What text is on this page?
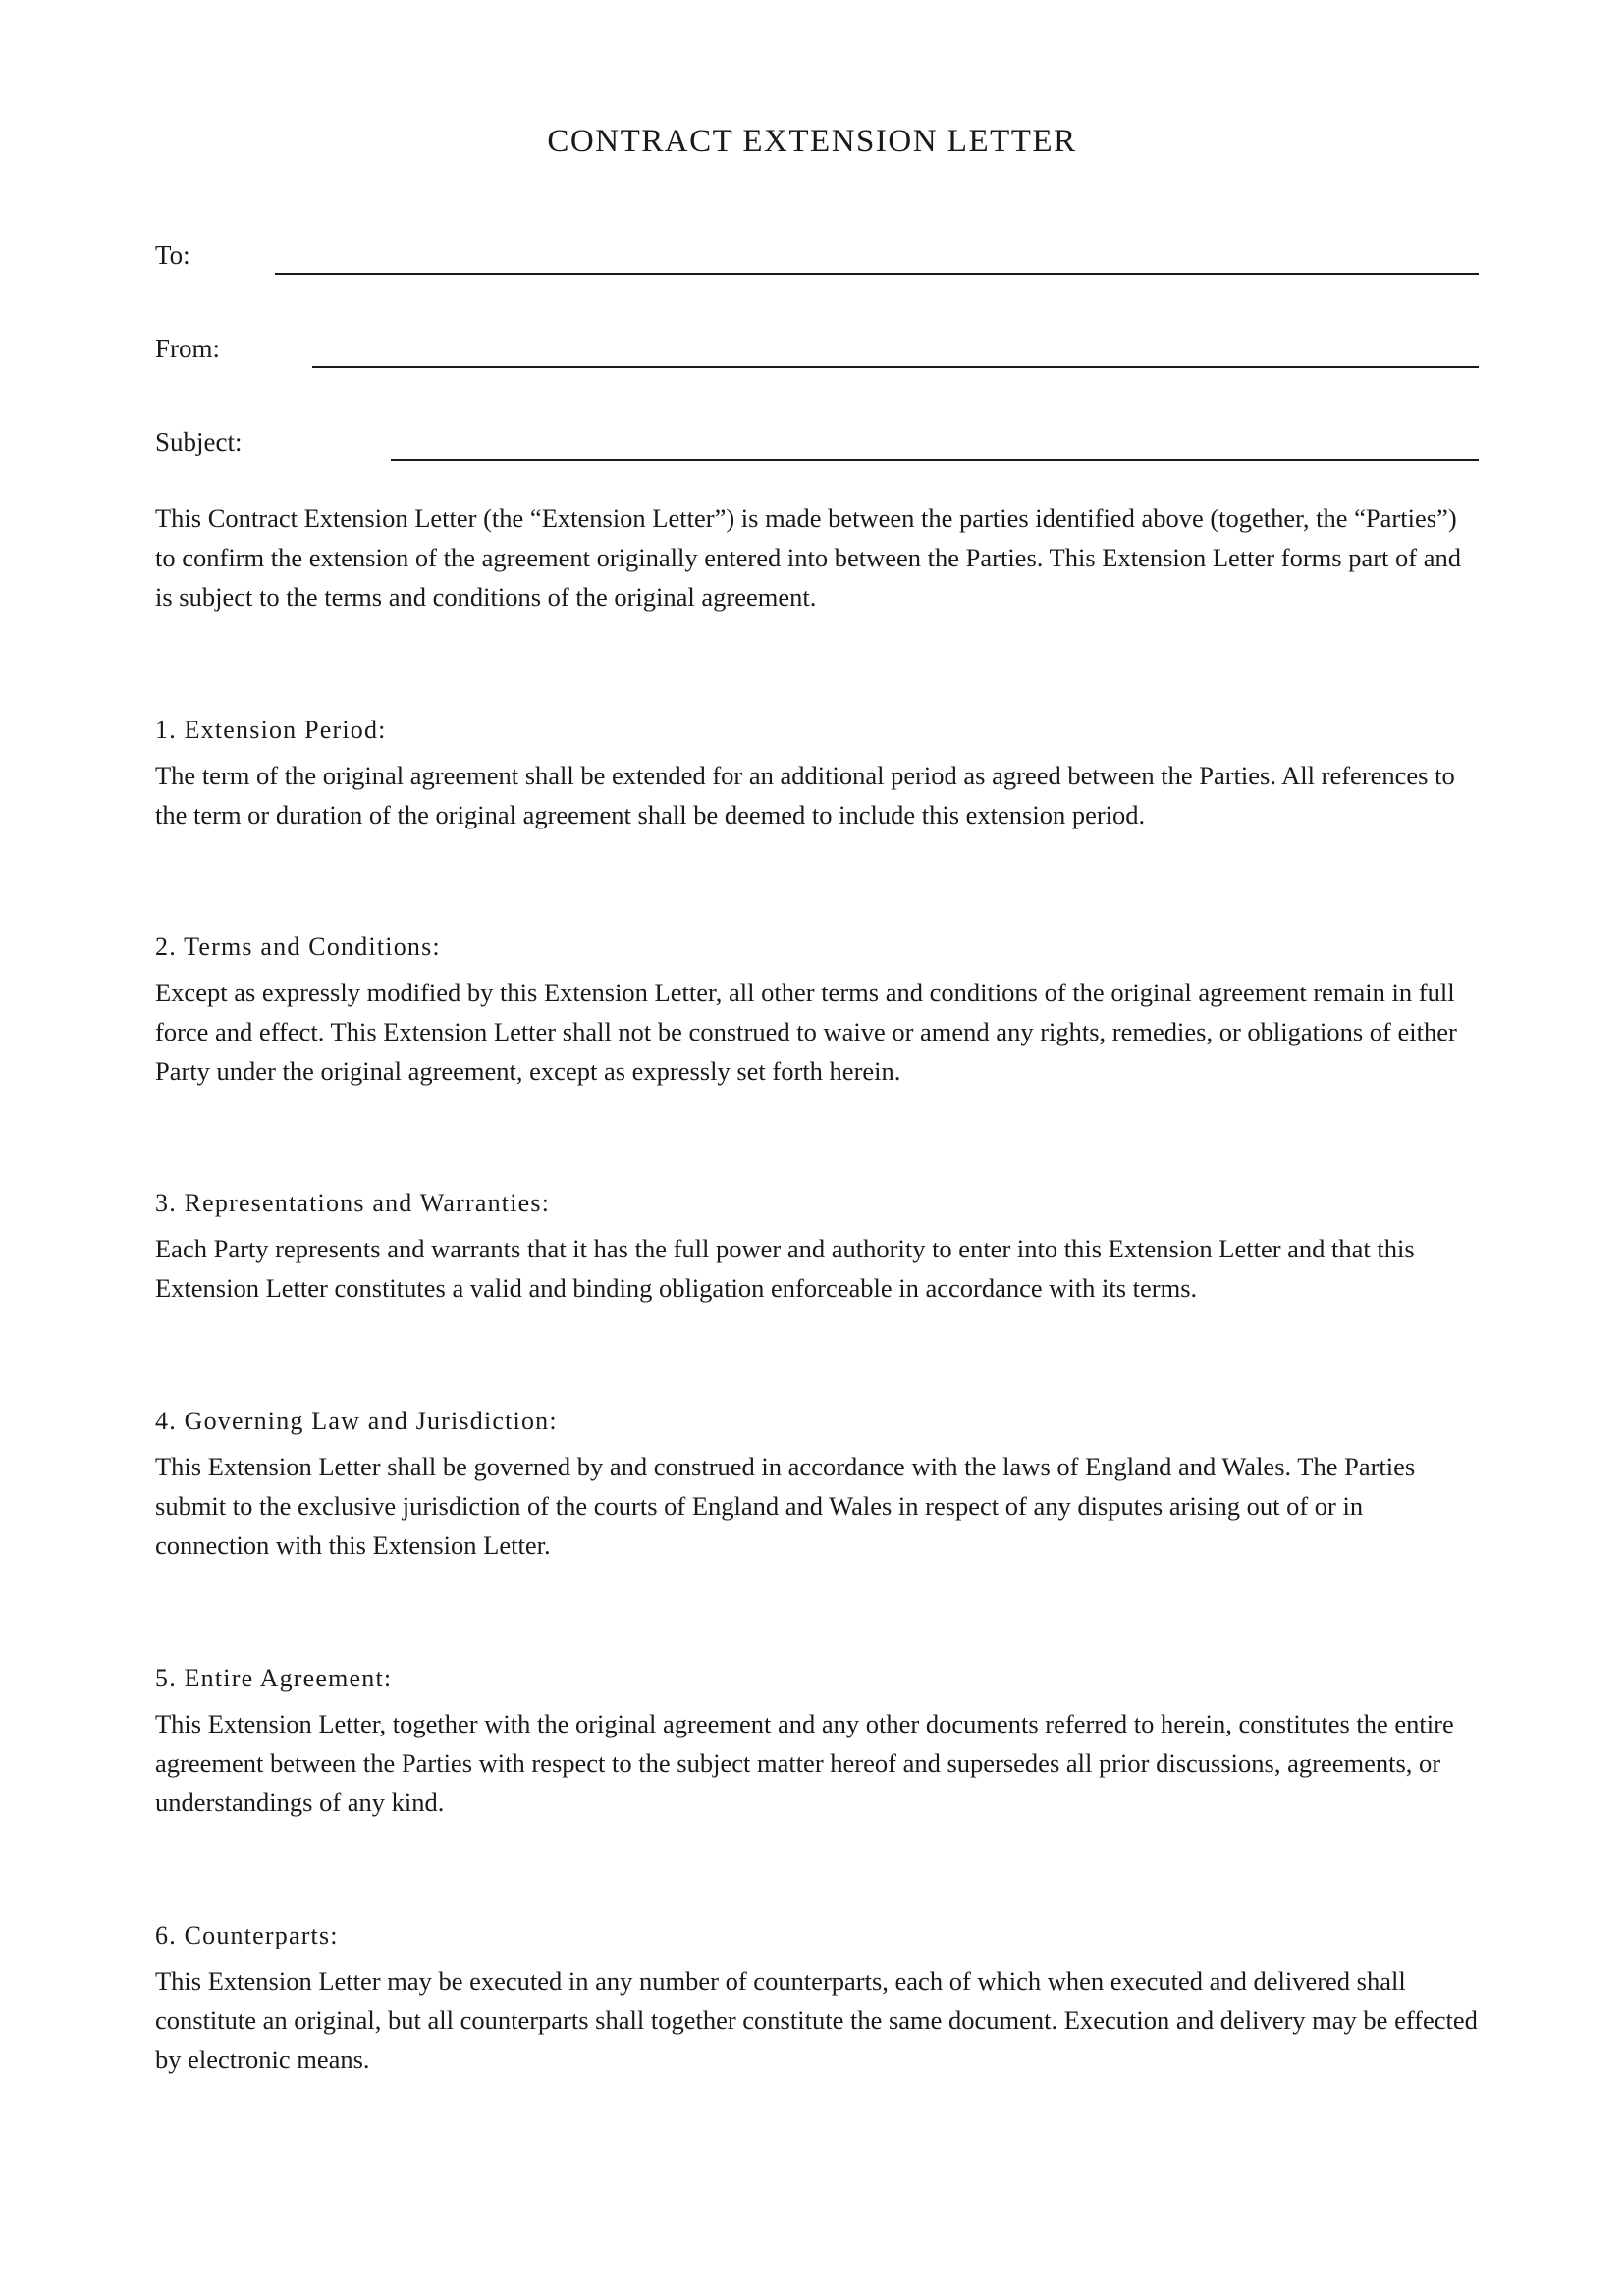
CONTRACT EXTENSION LETTER
To:
From:
Subject:

This Contract Extension Letter (the “Extension Letter”) is made between the parties identified above (together, the “Parties”) to confirm the extension of the agreement originally entered into between the Parties. This Extension Letter forms part of and is subject to the terms and conditions of the original agreement.

1. Extension Period:

The term of the original agreement shall be extended for an additional period as agreed between the Parties. All references to the term or duration of the original agreement shall be deemed to include this extension period.

2. Terms and Conditions:

Except as expressly modified by this Extension Letter, all other terms and conditions of the original agreement remain in full force and effect. This Extension Letter shall not be construed to waive or amend any rights, remedies, or obligations of either Party under the original agreement, except as expressly set forth herein.

3. Representations and Warranties:

Each Party represents and warrants that it has the full power and authority to enter into this Extension Letter and that this Extension Letter constitutes a valid and binding obligation enforceable in accordance with its terms.

4. Governing Law and Jurisdiction:

This Extension Letter shall be governed by and construed in accordance with the laws of England and Wales. The Parties submit to the exclusive jurisdiction of the courts of England and Wales in respect of any disputes arising out of or in connection with this Extension Letter.

5. Entire Agreement:

This Extension Letter, together with the original agreement and any other documents referred to herein, constitutes the entire agreement between the Parties with respect to the subject matter hereof and supersedes all prior discussions, agreements, or understandings of any kind.

6. Counterparts:

This Extension Letter may be executed in any number of counterparts, each of which when executed and delivered shall constitute an original, but all counterparts shall together constitute the same document. Execution and delivery may be effected by electronic means.
